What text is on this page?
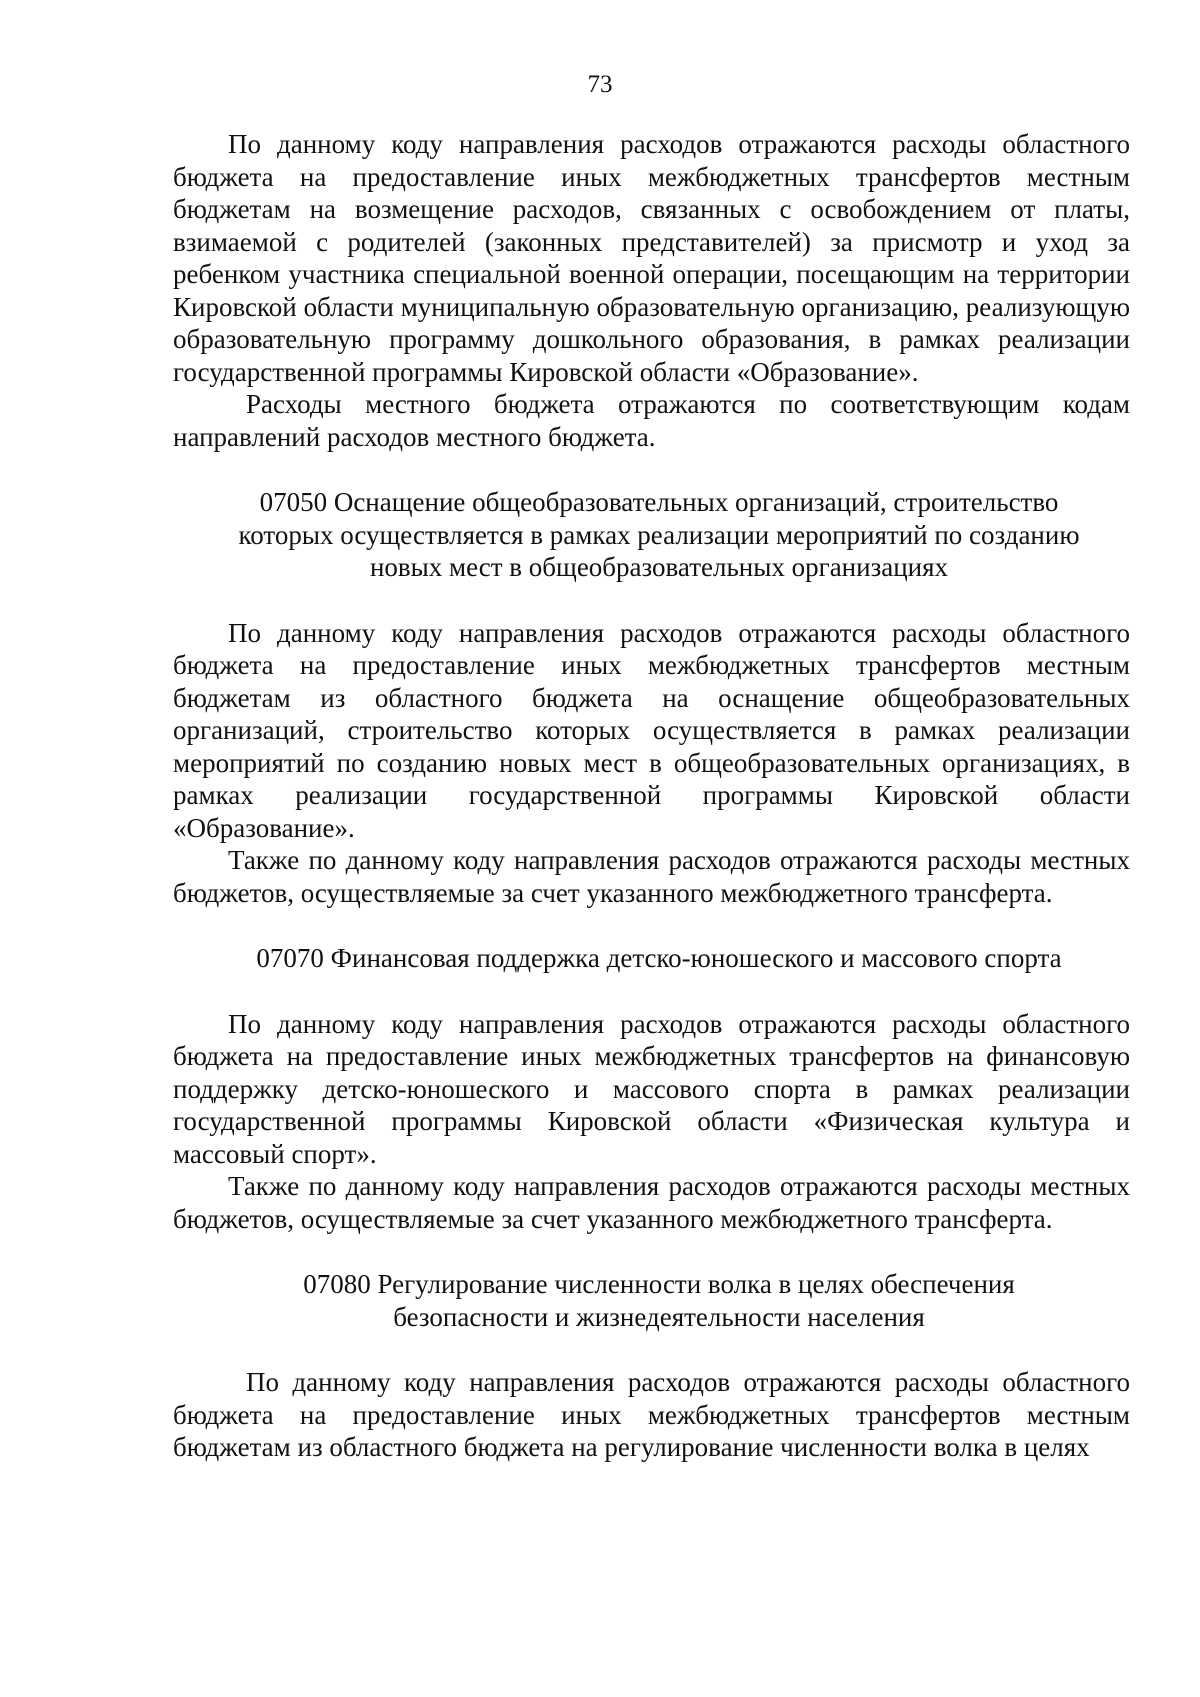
73

По данному коду направления расходов отражаются расходы областного бюджета на предоставление иных межбюджетных трансфертов местным бюджетам на возмещение расходов, связанных с освобождением от платы, взимаемой с родителей (законных представителей) за присмотр и уход за ребенком участника специальной военной операции, посещающим на территории Кировской области муниципальную образовательную организацию, реализующую образовательную программу дошкольного образования, в рамках реализации государственной программы Кировской области «Образование».

Расходы местного бюджета отражаются по соответствующим кодам направлений расходов местного бюджета.

07050 Оснащение общеобразовательных организаций, строительство
которых осуществляется в рамках реализации мероприятий по созданию
новых мест в общеобразовательных организациях

По данному коду направления расходов отражаются расходы областного бюджета на предоставление иных межбюджетных трансфертов местным бюджетам из областного бюджета на оснащение общеобразовательных организаций, строительство которых осуществляется в рамках реализации мероприятий по созданию новых мест в общеобразовательных организациях, в рамках реализации государственной программы Кировской области «Образование».

Также по данному коду направления расходов отражаются расходы местных бюджетов, осуществляемые за счет указанного межбюджетного трансферта.

07070 Финансовая поддержка детско-юношеского и массового спорта

По данному коду направления расходов отражаются расходы областного бюджета на предоставление иных межбюджетных трансфертов на финансовую поддержку детско-юношеского и массового спорта в рамках реализации государственной программы Кировской области «Физическая культура и массовый спорт».

Также по данному коду направления расходов отражаются расходы местных бюджетов, осуществляемые за счет указанного межбюджетного трансферта.

07080 Регулирование численности волка в целях обеспечения
безопасности и жизнедеятельности населения

По данному коду направления расходов отражаются расходы областного бюджета на предоставление иных межбюджетных трансфертов местным бюджетам из областного бюджета на регулирование численности волка в целях
